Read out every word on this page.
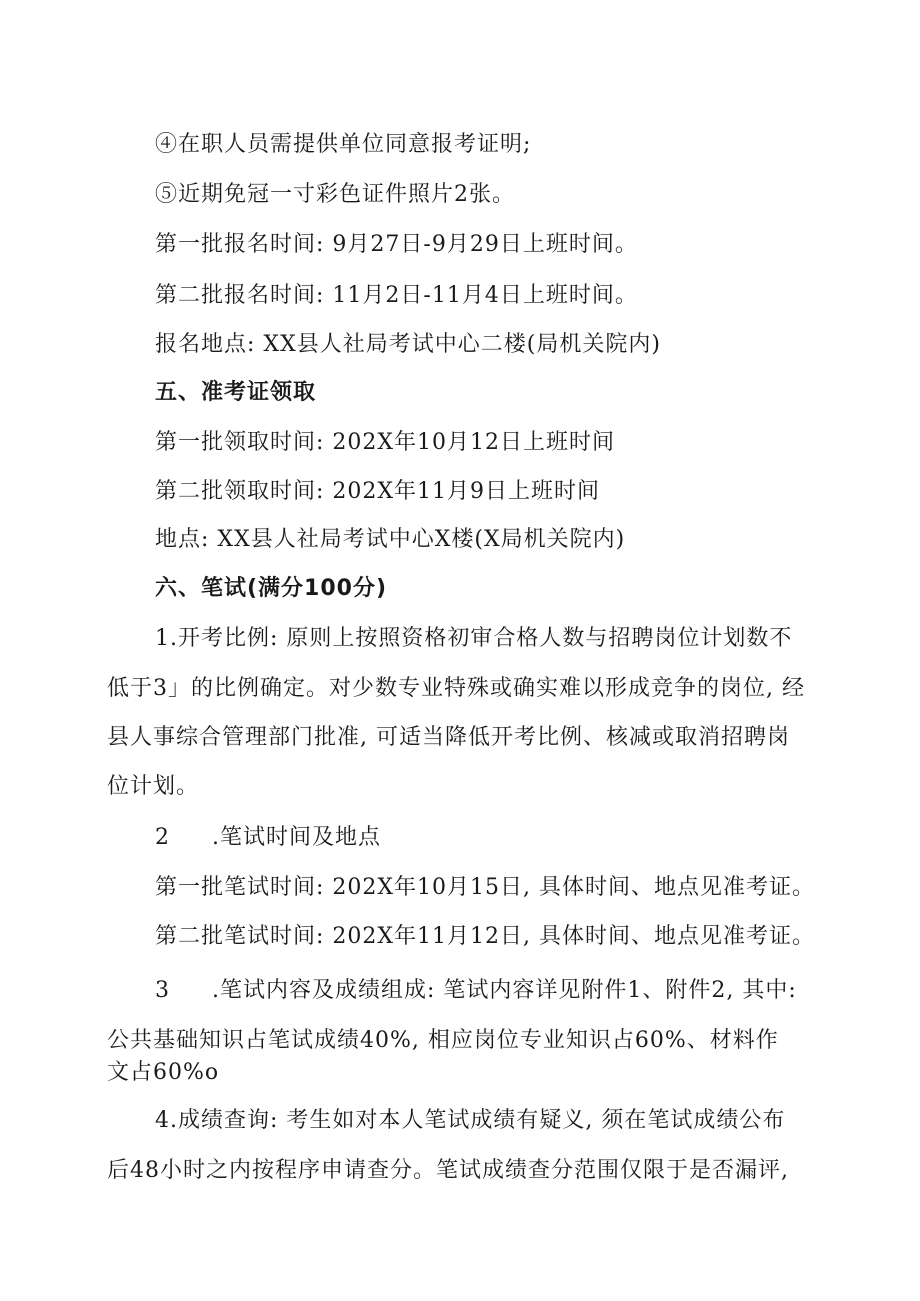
④在职人员需提供单位同意报考证明;
⑤近期免冠一寸彩色证件照片2张。
第一批报名时间: 9月27日-9月29日上班时间。
第二批报名时间: 11月2日-11月4日上班时间。
报名地点: XX县人社局考试中心二楼(局机关院内)
五、准考证领取
第一批领取时间: 202X年10月12日上班时间
第二批领取时间: 202X年11月9日上班时间
地点: XX县人社局考试中心X楼(X局机关院内)
六、笔试(满分100分)
1.开考比例: 原则上按照资格初审合格人数与招聘岗位计划数不
低于3」的比例确定。对少数专业特殊或确实难以形成竞争的岗位, 经
县人事综合管理部门批准, 可适当降低开考比例、核减或取消招聘岗
位计划。
2 .笔试时间及地点
第一批笔试时间: 202X年10月15日, 具体时间、地点见准考证。
第二批笔试时间: 202X年11月12日, 具体时间、地点见准考证。
3 .笔试内容及成绩组成: 笔试内容详见附件1、附件2, 其中:
公共基础知识占笔试成绩40%, 相应岗位专业知识占60%、材料作
文占60%o
4.成绩查询: 考生如对本人笔试成绩有疑义, 须在笔试成绩公布
后48小时之内按程序申请查分。笔试成绩查分范围仅限于是否漏评,
